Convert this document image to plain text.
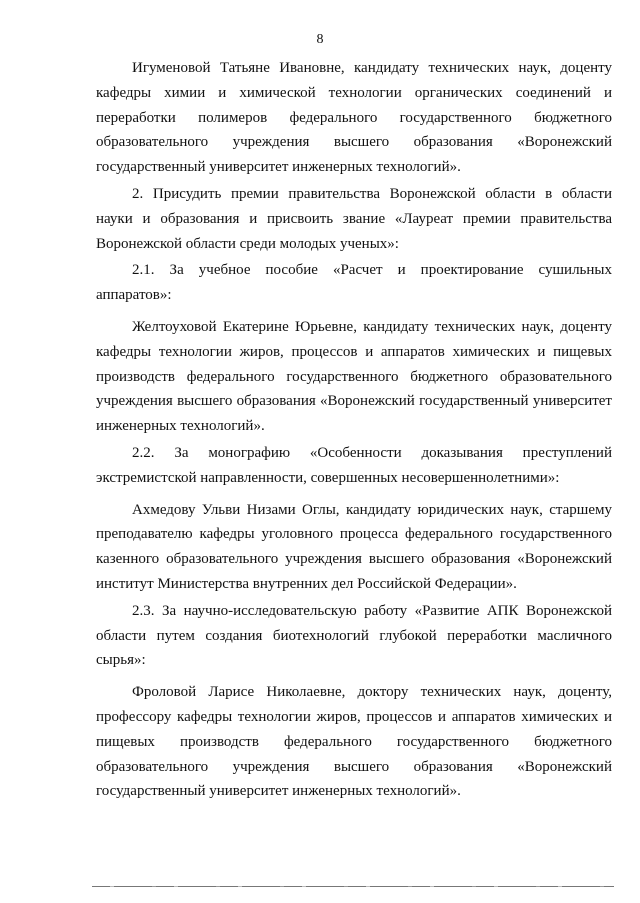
8
Игуменовой Татьяне Ивановне, кандидату технических наук, доценту
кафедры химии и химической технологии органических соединений и
переработки полимеров федерального государственного бюджетного
образовательного учреждения высшего образования «Воронежский
государственный университет инженерных технологий».
2. Присудить премии правительства Воронежской области в области
науки и образования и присвоить звание «Лауреат премии правительства
Воронежской области среди молодых ученых»:
2.1. За учебное пособие «Расчет и проектирование сушильных
аппаратов»:
Желтоуховой Екатерине Юрьевне, кандидату технических наук, доценту
кафедры технологии жиров, процессов и аппаратов химических и пищевых
производств федерального государственного бюджетного образовательного
учреждения высшего образования «Воронежский государственный университет
инженерных технологий».
2.2. За монографию «Особенности доказывания преступлений
экстремистской направленности, совершенных несовершеннолетними»:
Ахмедову Ульви Низами Оглы, кандидату юридических наук, старшему
преподавателю кафедры уголовного процесса федерального государственного
казенного образовательного учреждения высшего образования «Воронежский
институт Министерства внутренних дел Российской Федерации».
2.3. За научно-исследовательскую работу «Развитие АПК Воронежской
области путем создания биотехнологий глубокой переработки масличного
сырья»:
Фроловой Ларисе Николаевне, доктору технических наук, доценту,
профессору кафедры технологии жиров, процессов и аппаратов химических и
пищевых производств федерального государственного бюджетного
образовательного учреждения высшего образования «Воронежский
государственный университет инженерных технологий».
